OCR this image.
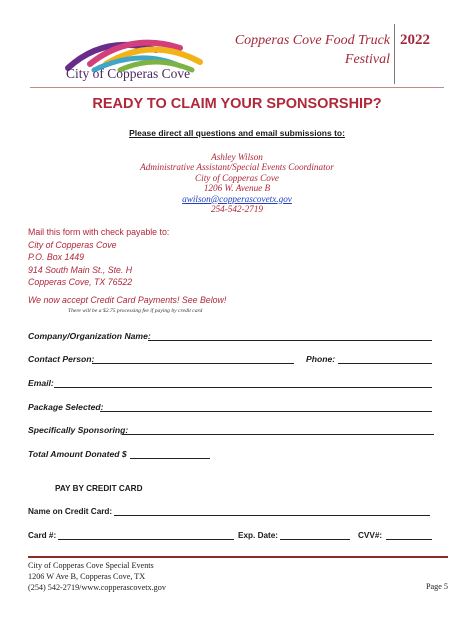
City of Copperas Cove
Copperas Cove Food Truck
Festival
2022
READY TO CLAIM YOUR SPONSORSHIP?
Please direct all questions and email submissions to:
Ashley Wilson
Administrative Assistant/Special Events Coordinator
City of Copperas Cove
1206 W. Avenue B
awilson@copperascovetx.gov
254-542-2719
Mail this form with check payable to:
City of Copperas Cove
P.O. Box 1449
914 South Main St., Ste. H
Copperas Cove, TX 76522
We now accept Credit Card Payments! See Below!
There will be a $2.75 processing fee if paying by credit card
Company/Organization Name:
Contact Person:	Phone:
Email:
Package Selected:
Specifically Sponsoring:
Total Amount Donated $
PAY BY CREDIT CARD
Name on Credit Card:
Card #:	Exp. Date:	CVV#:
City of Copperas Cove Special Events
1206 W Ave B, Copperas Cove, TX
(254) 542-2719/www.copperascovetx.gov	Page 5
